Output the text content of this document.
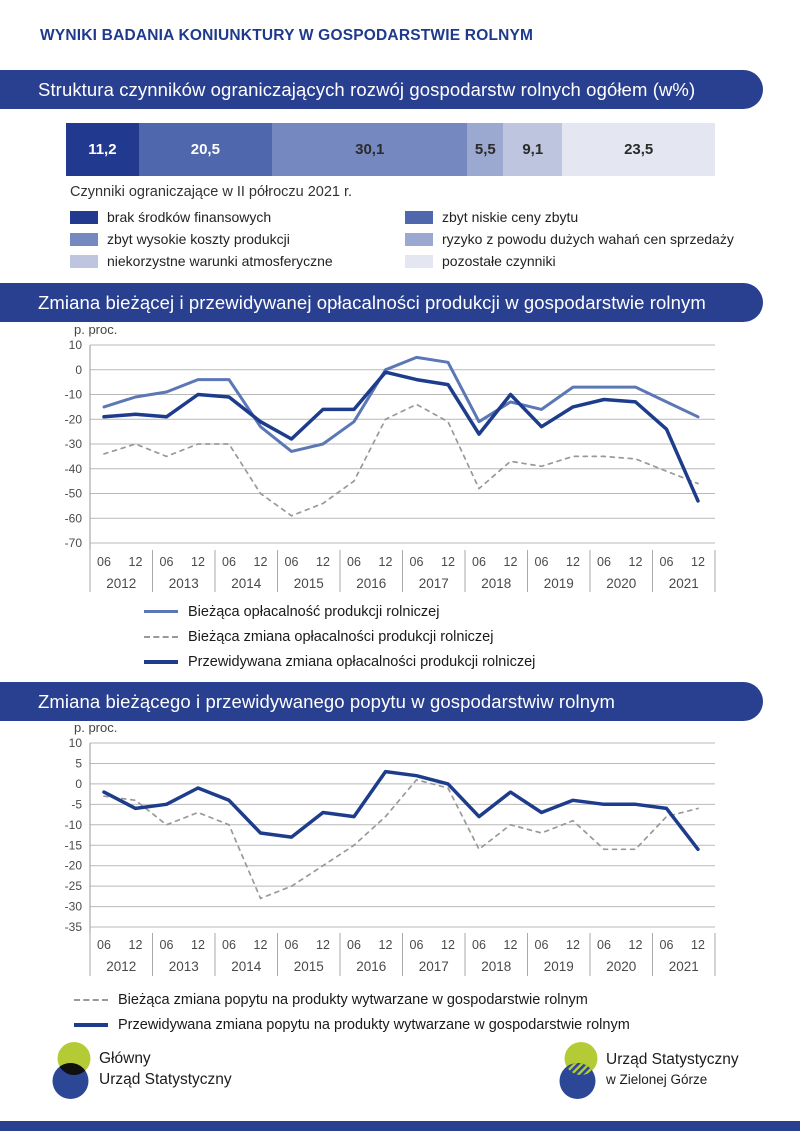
WYNIKI BADANIA KONIUNKTURY W GOSPODARSTWIE ROLNYM
Struktura czynników ograniczających rozwój gospodarstw rolnych ogółem (w%)
11,2	20,5	30,1	5,5	9,1	23,5
Czynniki ograniczające w II półroczu 2021 r.
brak środków finansowych
zbyt wysokie koszty produkcji
niekorzystne warunki atmosferyczne
zbyt niskie ceny zbytu
ryzyko z powodu dużych wahań cen sprzedaży
pozostałe czynniki
Zmiana bieżącej i przewidywanej opłacalności produkcji w gospodarstwie rolnym
p. proc.
10
0
-10
-20
-30
-40
-50
-60
-70
06 12
2012
06 12
2013
06 12
2014
06 12
2015
06 12
2016
06 12
2017
06 12
2018
06 12
2019
06 12
2020
06 12
2021
Bieżąca opłacalność produkcji rolniczej
Bieżąca zmiana opłacalności produkcji rolniczej
Przewidywana zmiana opłacalności produkcji rolniczej
Zmiana bieżącego i przewidywanego popytu w gospodarstwiw rolnym
p. proc.
10
5
0
-5
-10
-15
-20
-25
-30
-35
06 12
2012
06 12
2013
06 12
2014
06 12
2015
06 12
2016
06 12
2017
06 12
2018
06 12
2019
06 12
2020
06 12
2021
Bieżąca zmiana popytu na produkty wytwarzane w gospodarstwie rolnym
Przewidywana zmiana popytu na produkty wytwarzane w gospodarstwie rolnym
Główny
Urząd Statystyczny
Urząd Statystyczny
w Zielonej Górze
